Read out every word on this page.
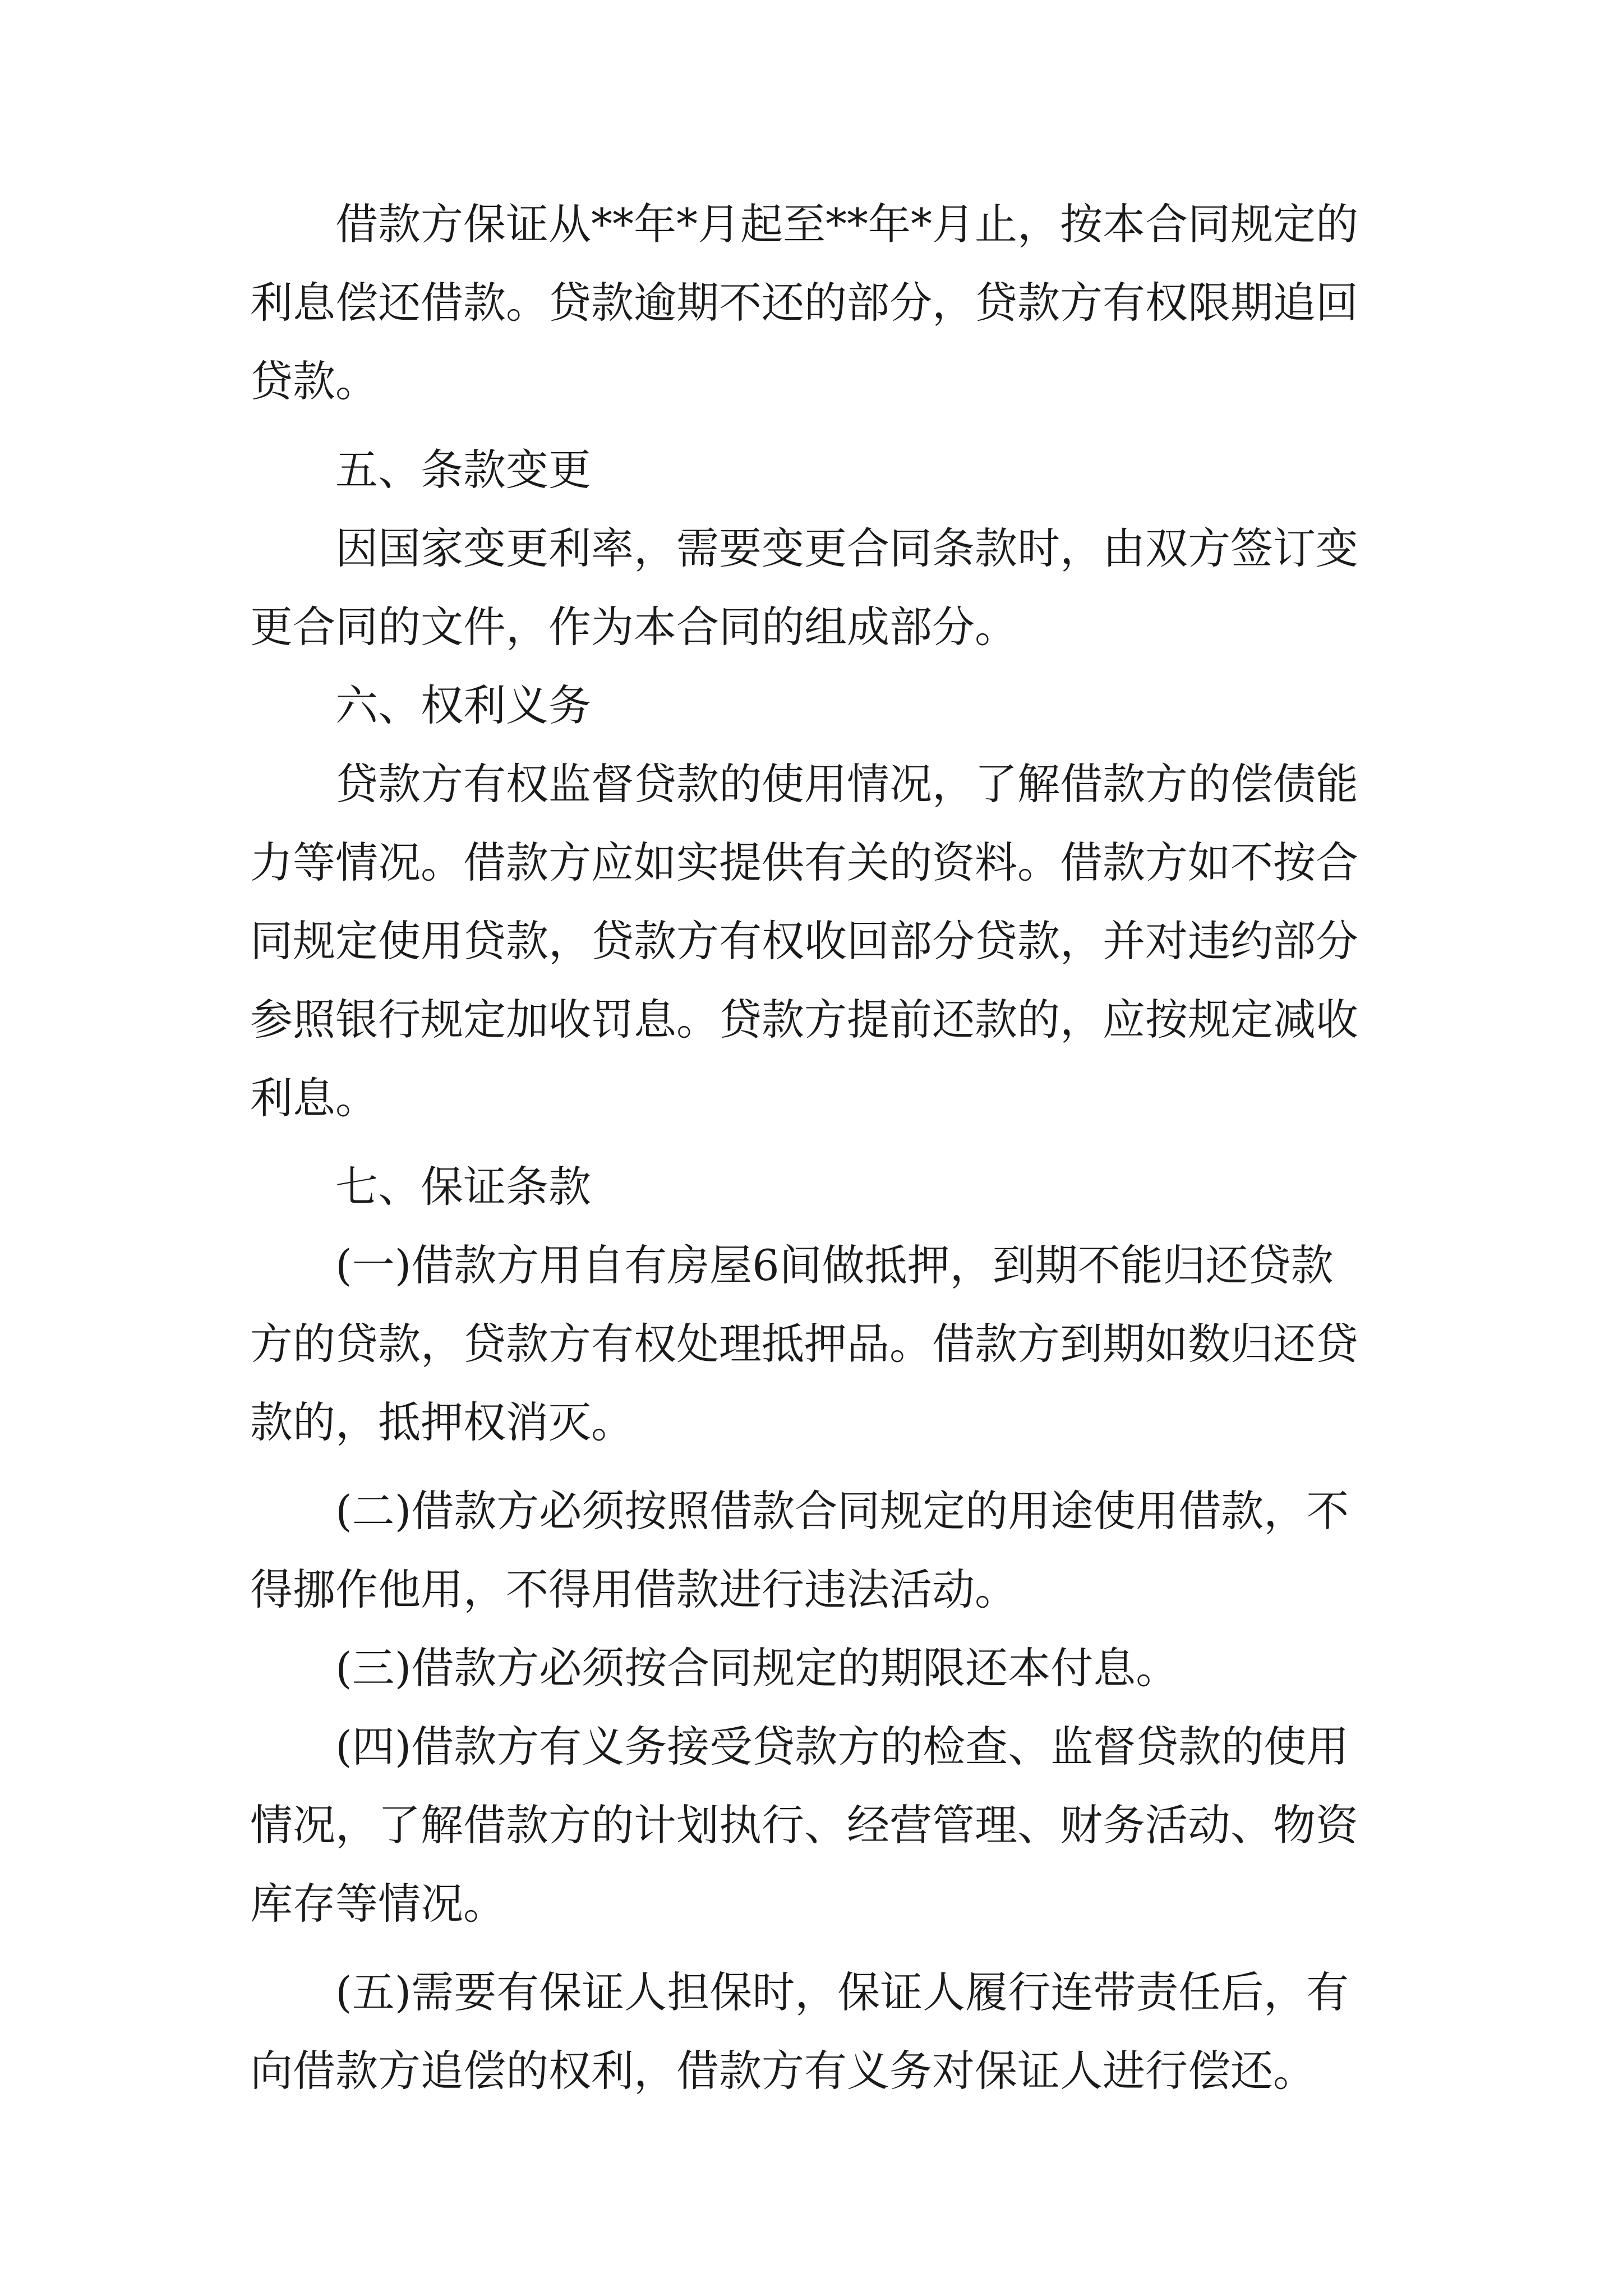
借款方保证从**年*月起至**年*月止，按本合同规定的
利息偿还借款。贷款逾期不还的部分，贷款方有权限期追回
贷款。
五、条款变更
因国家变更利率，需要变更合同条款时，由双方签订变
更合同的文件，作为本合同的组成部分。
六、权利义务
贷款方有权监督贷款的使用情况，了解借款方的偿债能
力等情况。借款方应如实提供有关的资料。借款方如不按合
同规定使用贷款，贷款方有权收回部分贷款，并对违约部分
参照银行规定加收罚息。贷款方提前还款的，应按规定减收
利息。
七、保证条款
(一)借款方用自有房屋6间做抵押，到期不能归还贷款
方的贷款，贷款方有权处理抵押品。借款方到期如数归还贷
款的，抵押权消灭。
(二)借款方必须按照借款合同规定的用途使用借款，不
得挪作他用，不得用借款进行违法活动。
(三)借款方必须按合同规定的期限还本付息。
(四)借款方有义务接受贷款方的检查、监督贷款的使用
情况，了解借款方的计划执行、经营管理、财务活动、物资
库存等情况。
(五)需要有保证人担保时，保证人履行连带责任后，有
向借款方追偿的权利，借款方有义务对保证人进行偿还。
